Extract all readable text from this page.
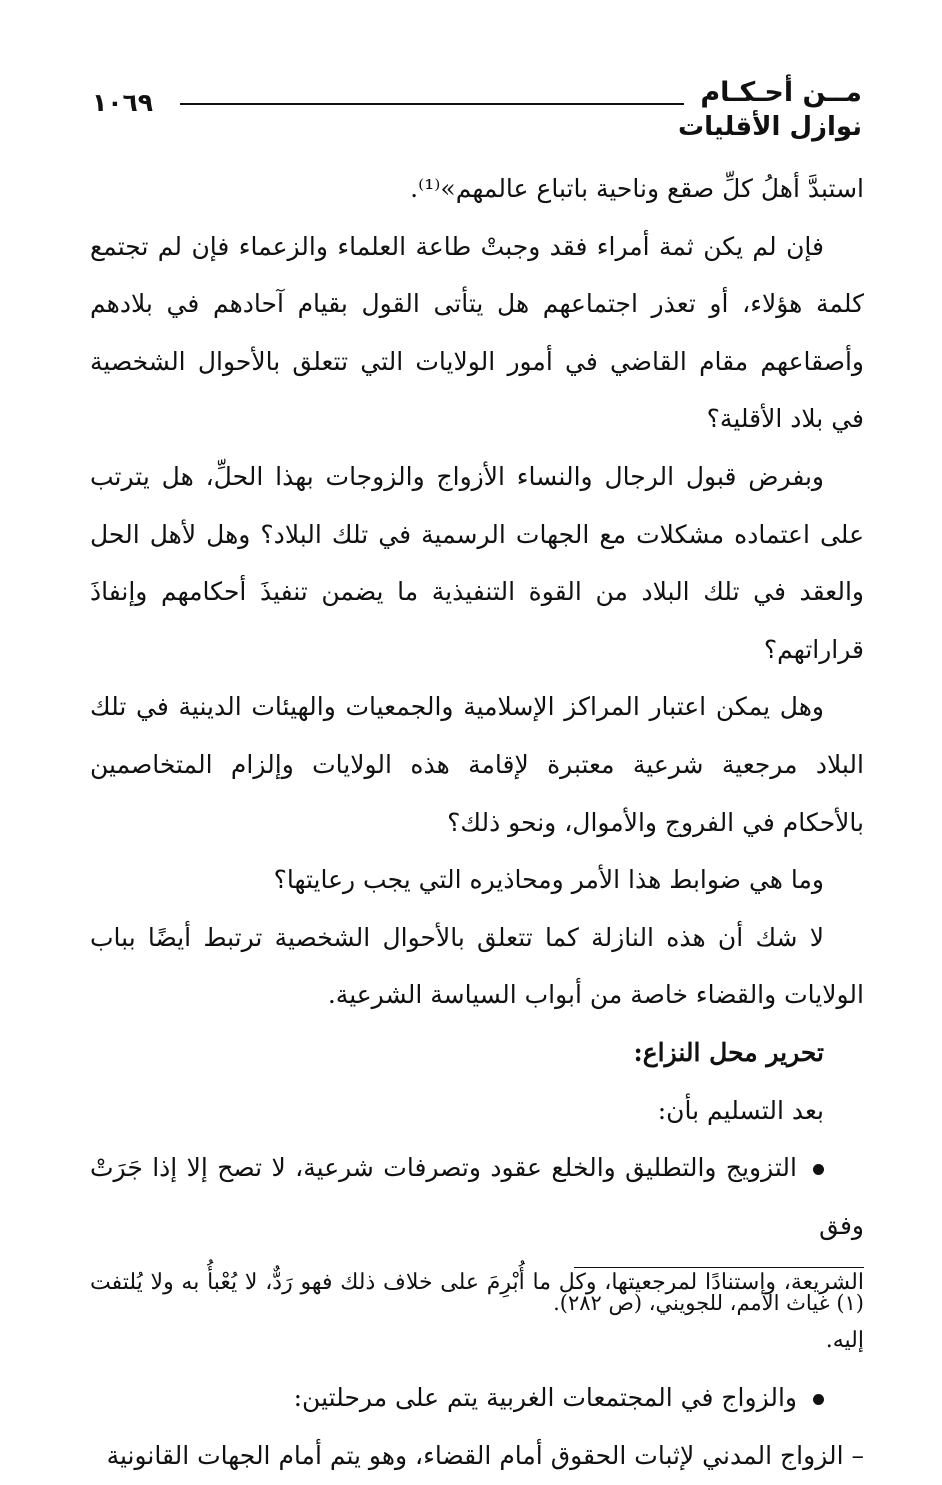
مــن أحـكـام
نوازل الأقليات
١٠٦٩

استبدَّ أهلُ كلِّ صقع وناحية باتباع عالمهم»⁽¹⁾.

فإن لم يكن ثمة أمراء فقد وجبتْ طاعة العلماء والزعماء فإن لم تجتمع كلمة هؤلاء، أو تعذر اجتماعهم هل يتأتى القول بقيام آحادهم في بلادهم وأصقاعهم مقام القاضي في أمور الولايات التي تتعلق بالأحوال الشخصية في بلاد الأقلية؟

وبفرض قبول الرجال والنساء الأزواج والزوجات بهذا الحلِّ، هل يترتب على اعتماده مشكلات مع الجهات الرسمية في تلك البلاد؟ وهل لأهل الحل والعقد في تلك البلاد من القوة التنفيذية ما يضمن تنفيذَ أحكامهم وإنفاذَ قراراتهم؟

وهل يمكن اعتبار المراكز الإسلامية والجمعيات والهيئات الدينية في تلك البلاد مرجعية شرعية معتبرة لإقامة هذه الولايات وإلزام المتخاصمين بالأحكام في الفروج والأموال، ونحو ذلك؟

وما هي ضوابط هذا الأمر ومحاذيره التي يجب رعايتها؟

لا شك أن هذه النازلة كما تتعلق بالأحوال الشخصية ترتبط أيضًا بباب الولايات والقضاء خاصة من أبواب السياسة الشرعية.

تحرير محل النزاع:

بعد التسليم بأن:

التزويج والتطليق والخلع عقود وتصرفات شرعية، لا تصح إلا إذا جَرَتْ وفق

الشريعة، واستنادًا لمرجعيتها، وكل ما أُبْرِمَ على خلاف ذلك فهو رَدٌّ، لا يُعْبأُ به ولا يُلتفت إليه.

والزواج في المجتمعات الغربية يتم على مرحلتين:

– الزواج المدني لإثبات الحقوق أمام القضاء، وهو يتم أمام الجهات القانونية

(١) غياث الأمم، للجويني، (ص ٢٨٢).
